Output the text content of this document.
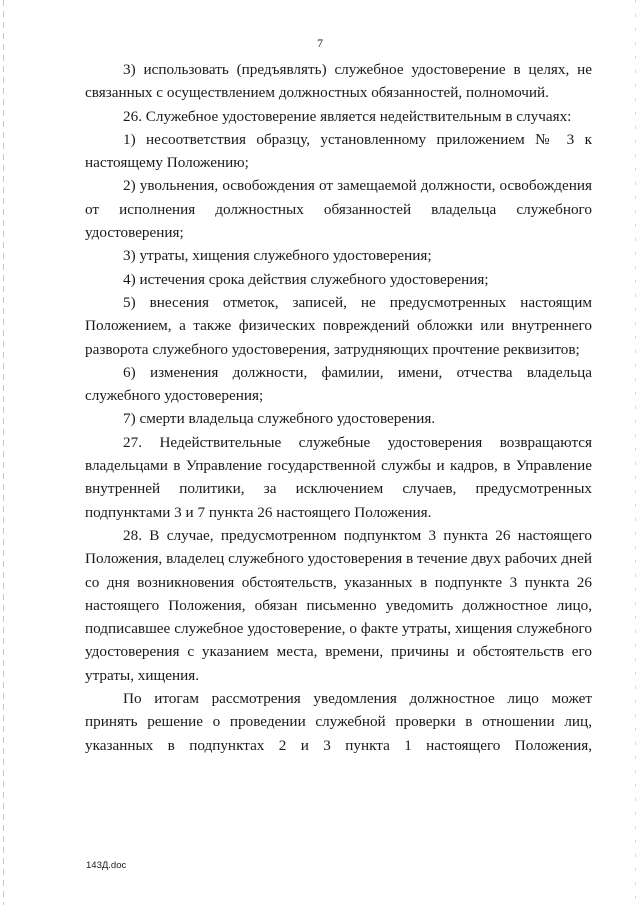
7

3) использовать (предъявлять) служебное удостоверение в целях, не связанных с осуществлением должностных обязанностей, полномочий.

26. Служебное удостоверение является недействительным в случаях:

1) несоответствия образцу, установленному приложением № 3 к настоящему Положению;

2) увольнения, освобождения от замещаемой должности, освобождения от исполнения должностных обязанностей владельца служебного удостоверения;

3) утраты, хищения служебного удостоверения;

4) истечения срока действия служебного удостоверения;

5) внесения отметок, записей, не предусмотренных настоящим Положением, а также физических повреждений обложки или внутреннего разворота служебного удостоверения, затрудняющих прочтение реквизитов;

6) изменения должности, фамилии, имени, отчества владельца служебного удостоверения;

7) смерти владельца служебного удостоверения.

27. Недействительные служебные удостоверения возвращаются владельцами в Управление государственной службы и кадров, в Управление внутренней политики, за исключением случаев, предусмотренных подпунктами 3 и 7 пункта 26 настоящего Положения.

28. В случае, предусмотренном подпунктом 3 пункта 26 настоящего Положения, владелец служебного удостоверения в течение двух рабочих дней со дня возникновения обстоятельств, указанных в подпункте 3 пункта 26 настоящего Положения, обязан письменно уведомить должностное лицо, подписавшее служебное удостоверение, о факте утраты, хищения служебного удостоверения с указанием места, времени, причины и обстоятельств его утраты, хищения.

По итогам рассмотрения уведомления должностное лицо может принять решение о проведении служебной проверки в отношении лиц, указанных в подпунктах 2 и 3 пункта 1 настоящего Положения,

143Д.doc
